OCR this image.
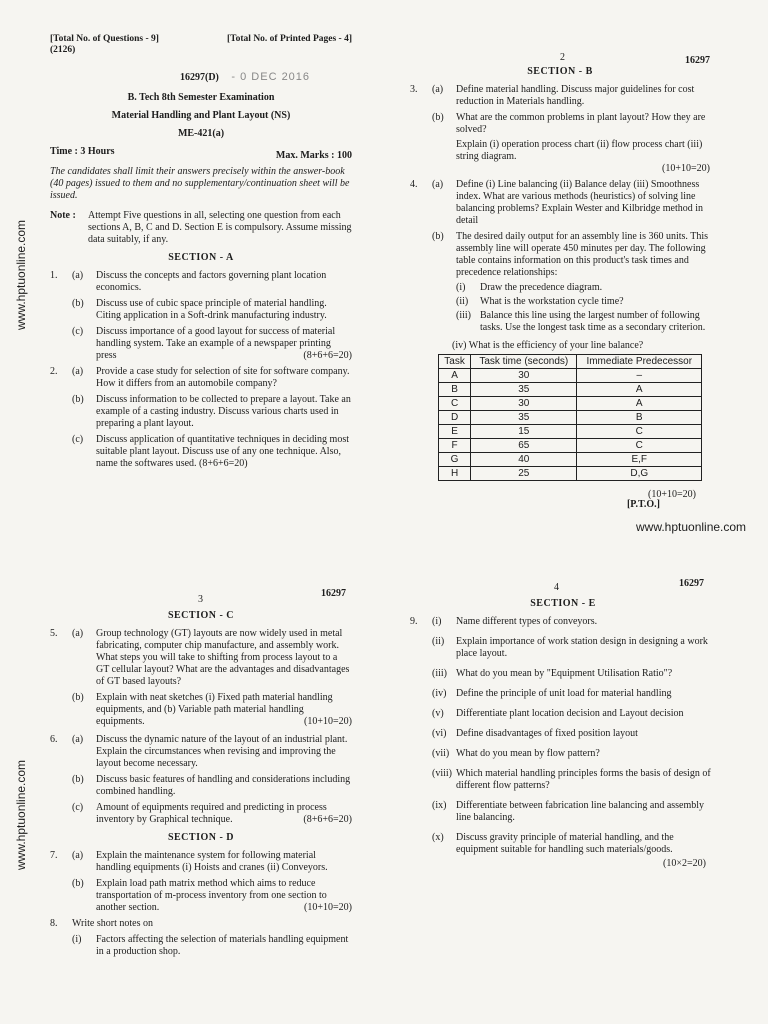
www.hptuonline.com
www.hptuonline.com
www.hptuonline.com
[Total No. of Questions - 9]	[Total No. of Printed Pages - 4]
(2126)
16297(D) - 0 DEC 2016
B. Tech 8th Semester Examination
Material Handling and Plant Layout (NS)
ME-421(a)
Time : 3 Hours	Max. Marks : 100
The candidates shall limit their answers precisely within the answer-book (40 pages) issued to them and no supplementary/continuation sheet will be issued.
Note :	Attempt Five questions in all, selecting one question from each sections A, B, C and D. Section E is compulsory. Assume missing data suitably, if any.
SECTION - A
1.	(a)	Discuss the concepts and factors governing plant location economics.
(b)	Discuss use of cubic space principle of material handling. Citing application in a Soft-drink manufacturing industry.
(c)	Discuss importance of a good layout for success of material handling system. Take an example of a newspaper printing press	(8+6+6=20)
2.	(a)	Provide a case study for selection of site for software company. How it differs from an automobile company?
(b)	Discuss information to be collected to prepare a layout. Take an example of a casting industry. Discuss various charts used in preparing a plant layout.
(c)	Discuss application of quantitative techniques in deciding most suitable plant layout. Discuss use of any one technique. Also, name the softwares used. (8+6+6=20)
2	16297
SECTION - B
3.	(a)	Define material handling. Discuss major guidelines for cost reduction in Materials handling.
(b)	What are the common problems in plant layout? How they are solved?
Explain (i) operation process chart (ii) flow process chart (iii) string diagram.
(10+10=20)
4.	(a)	Define (i) Line balancing (ii) Balance delay (iii) Smoothness index. What are various methods (heuristics) of solving line balancing problems? Explain Wester and Kilbridge method in detail
(b)	The desired daily output for an assembly line is 360 units. This assembly line will operate 450 minutes per day. The following table contains information on this product's task times and precedence relationships:
(i)	Draw the precedence diagram.
(ii)	What is the workstation cycle time?
(iii) Balance this line using the largest number of following tasks. Use the longest task time as a secondary criterion.
(iv) What is the efficiency of your line balance?
Task	Task time (seconds)	Immediate Predecessor
A	30	–
B	35	A
C	30	A
D	35	B
E	15	C
F	65	C
G	40	E,F
H	25	D,G
(10+10=20)
[P.T.O.]
3
16297
SECTION - C
5.	(a)	Group technology (GT) layouts are now widely used in metal fabricating, computer chip manufacture, and assembly work. What steps you will take to shifting from process layout to a GT cellular layout? What are the advantages and disadvantages of GT based layouts?
(b)	Explain with neat sketches (i) Fixed path material handling equipments, and (b) Variable path material handling equipments.	(10+10=20)
6.	(a)	Discuss the dynamic nature of the layout of an industrial plant. Explain the circumstances when revising and improving the layout become necessary.
(b)	Discuss basic features of handling and considerations including combined handling.
(c)	Amount of equipments required and predicting in process inventory by Graphical technique.	(8+6+6=20)
SECTION - D
7.	(a)	Explain the maintenance system for following material handling equipments (i) Hoists and cranes (ii) Conveyors.
(b)	Explain load path matrix method which aims to reduce transportation of m-process inventory from one section to another section.	(10+10=20)
8.	Write short notes on
(i)	Factors affecting the selection of materials handling equipment in a production shop.
4	16297
SECTION - E
9.	(i)	Name different types of conveyors.
(ii)	Explain importance of work station design in designing a work place layout.
(iii) What do you mean by "Equipment Utilisation Ratio"?
(iv) Define the principle of unit load for material handling
(v)	Differentiate plant location decision and Layout decision
(vi) Define disadvantages of fixed position layout
(vii) What do you mean by flow pattern?
(viii) Which material handling principles forms the basis of design of different flow patterns?
(ix) Differentiate between fabrication line balancing and assembly line balancing.
(x)	Discuss gravity principle of material handling, and the equipment suitable for handling such materials/goods.
(10×2=20)
